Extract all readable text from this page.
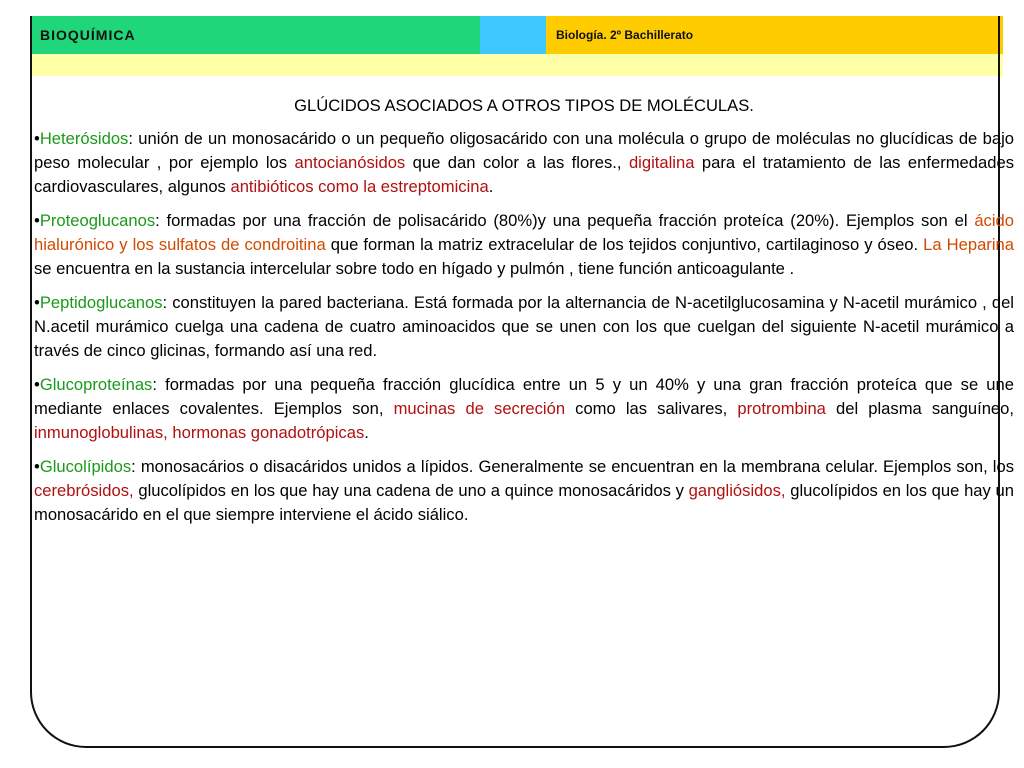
BIOQUÍMICA	Biología. 2º Bachillerato
GLÚCIDOS ASOCIADOS A OTROS TIPOS DE MOLÉCULAS.

•Heterósidos: unión de un monosacárido o un pequeño oligosacárido con una molécula o grupo de moléculas no glucídicas de bajo peso molecular , por ejemplo los antocianósidos que dan color a las flores., digitalina para el tratamiento de las enfermedades cardiovasculares, algunos antibióticos como la estreptomicina.

•Proteoglucanos: formadas por una fracción de polisacárido (80%)y una pequeña fracción proteíca (20%). Ejemplos son el ácido hialurónico y los sulfatos de condroitina que forman la matriz extracelular de los tejidos conjuntivo, cartilaginoso y óseo. La Heparina se encuentra en la sustancia intercelular sobre todo en hígado y pulmón , tiene función anticoagulante .

•Peptidoglucanos: constituyen la pared bacteriana. Está formada por la alternancia de N-acetilglucosamina y N-acetil murámico , del N.acetil murámico cuelga una cadena de cuatro aminoacidos que se unen con los que cuelgan del siguiente N-acetil murámico a través de cinco glicinas, formando así una red.

•Glucoproteínas: formadas por una pequeña fracción glucídica entre un 5 y un 40% y una gran fracción proteíca que se une mediante enlaces covalentes. Ejemplos son, mucinas de secreción como las salivares, protrombina del plasma sanguíneo, inmunoglobulinas, hormonas gonadotrópicas.

•Glucolípidos: monosacários o disacáridos unidos a lípidos. Generalmente se encuentran en la membrana celular. Ejemplos son, los cerebrósidos, glucolípidos en los que hay una cadena de uno a quince monosacáridos y gangliósidos, glucolípidos en los que hay un monosacárido en el que siempre interviene el ácido siálico.
